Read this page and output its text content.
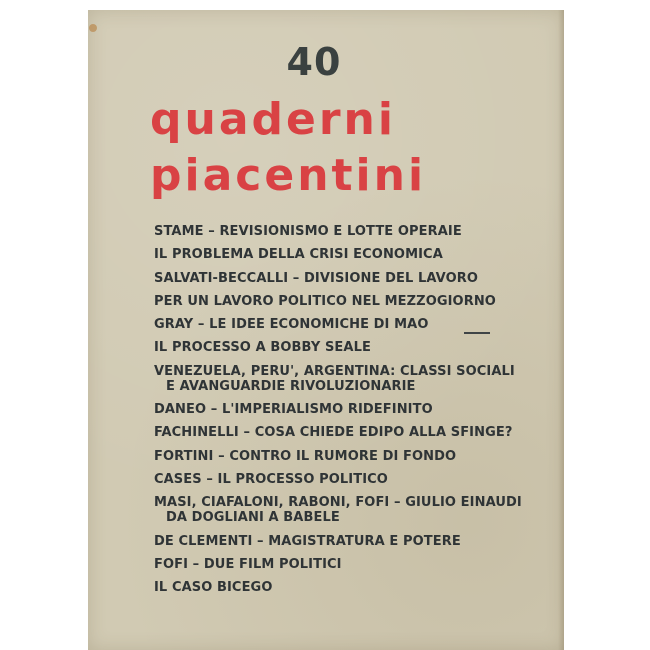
40
quaderni
piacentini
STAME – REVISIONISMO E LOTTE OPERAIE
IL PROBLEMA DELLA CRISI ECONOMICA
SALVATI-BECCALLI – DIVISIONE DEL LAVORO
PER UN LAVORO POLITICO NEL MEZZOGIORNO
GRAY – LE IDEE ECONOMICHE DI MAO
IL PROCESSO A BOBBY SEALE
VENEZUELA, PERU', ARGENTINA: CLASSI SOCIALI
E AVANGUARDIE RIVOLUZIONARIE
DANEO – L'IMPERIALISMO RIDEFINITO
FACHINELLI – COSA CHIEDE EDIPO ALLA SFINGE?
FORTINI – CONTRO IL RUMORE DI FONDO
CASES – IL PROCESSO POLITICO
MASI, CIAFALONI, RABONI, FOFI – GIULIO EINAUDI
DA DOGLIANI A BABELE
DE CLEMENTI – MAGISTRATURA E POTERE
FOFI – DUE FILM POLITICI
IL CASO BICEGO
